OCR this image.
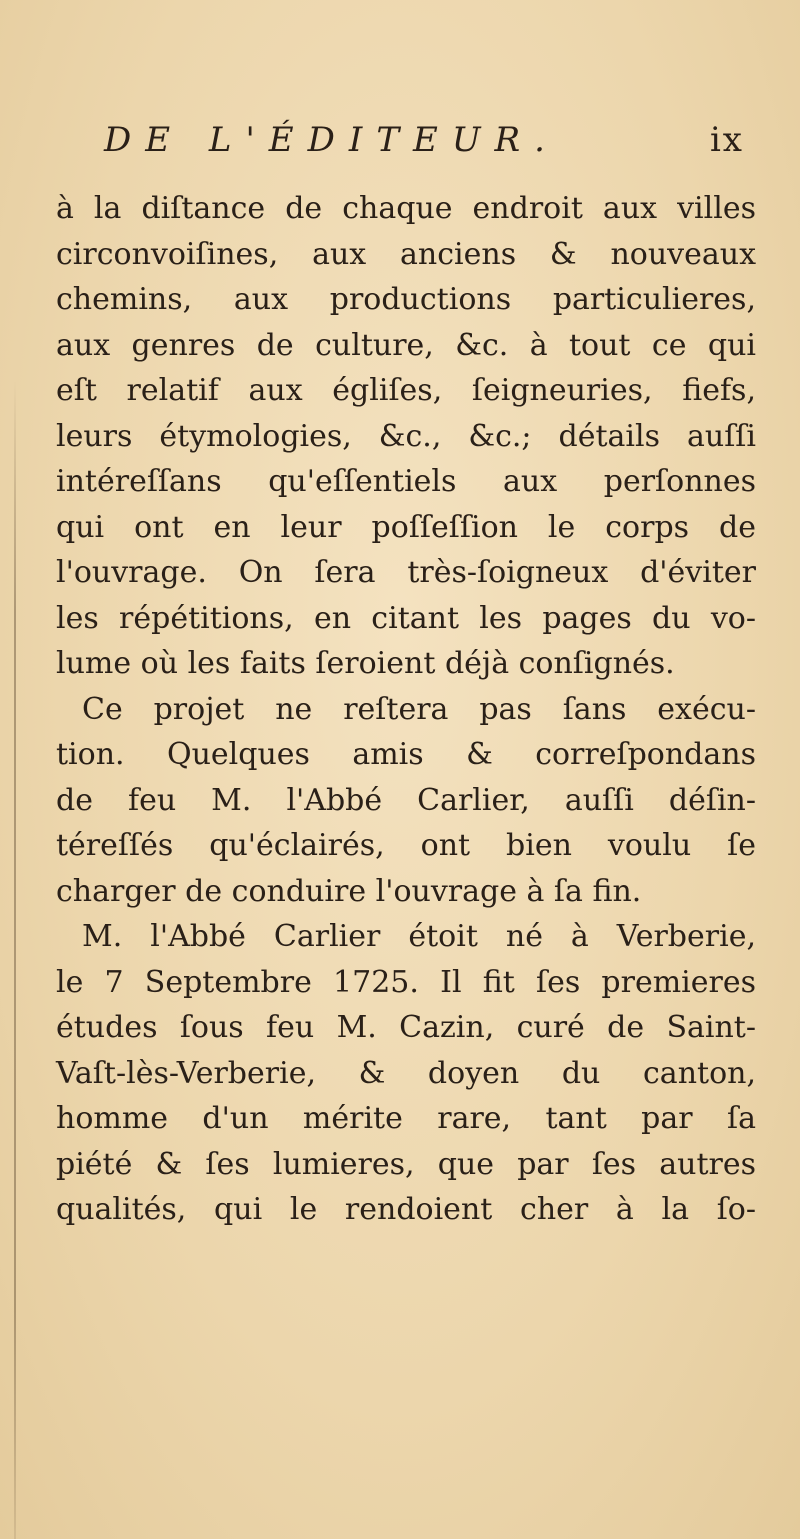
DE L'ÉDITEUR.	ix
à la diſtance de chaque endroit aux villes
circonvoiſines, aux anciens & nouveaux
chemins, aux productions particulieres,
aux genres de culture, &c. à tout ce qui
eſt relatif aux égliſes, ſeigneuries, fiefs,
leurs étymologies, &c., &c.; détails auſſi
intéreſſans qu'eſſentiels aux perſonnes
qui ont en leur poſſeſſion le corps de
l'ouvrage. On ſera très-ſoigneux d'éviter
les répétitions, en citant les pages du vo-
lume où les faits ſeroient déjà conſignés.
Ce projet ne reſtera pas ſans exécu-
tion. Quelques amis & correſpondans
de feu M. l'Abbé Carlier, auſſi déſin-
téreſſés qu'éclairés, ont bien voulu ſe
charger de conduire l'ouvrage à ſa fin.
M. l'Abbé Carlier étoit né à Verberie,
le 7 Septembre 1725. Il fit ſes premieres
études ſous feu M. Cazin, curé de Saint-
Vaſt-lès-Verberie, & doyen du canton,
homme d'un mérite rare, tant par ſa
piété & ſes lumieres, que par ſes autres
qualités, qui le rendoient cher à la ſo-
